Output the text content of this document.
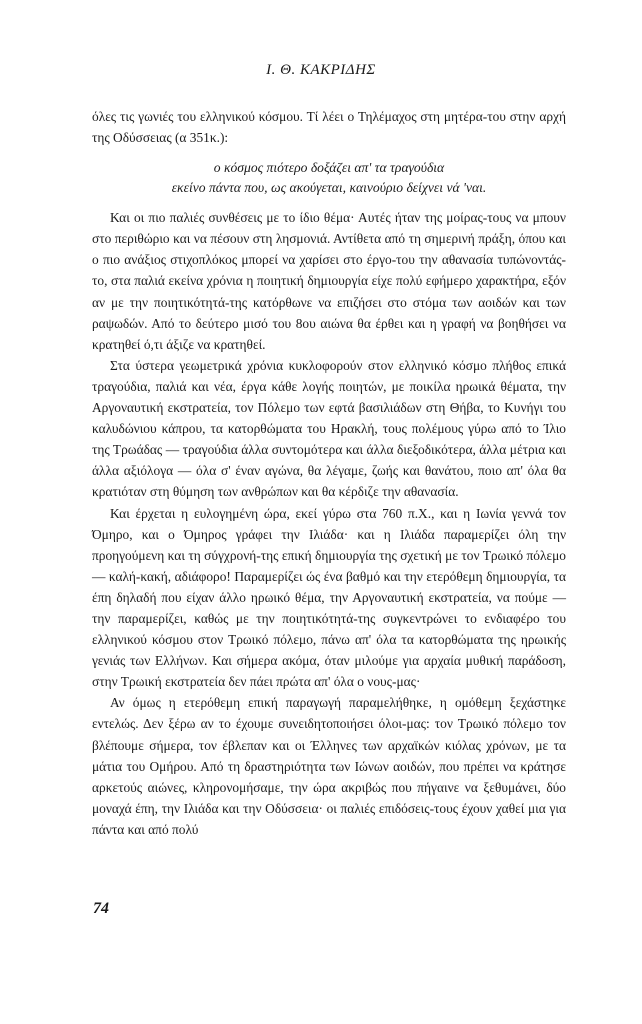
Ι. Θ. ΚΑΚΡΙΔΗΣ

όλες τις γωνιές του ελληνικού κόσμου. Τί λέει ο Τηλέμαχος στη μητέρα-του στην αρχή της Οδύσσειας (α 351κ.):

ο κόσμος πιότερο δοξάζει απ' τα τραγούδια
εκείνο πάντα που, ως ακούγεται, καινούριο δείχνει νά 'ναι.

Και οι πιο παλιές συνθέσεις με το ίδιο θέμα· Αυτές ήταν της μοίρας-τους να μπουν στο περιθώριο και να πέσουν στη λησμονιά. Αντίθετα από τη σημερινή πράξη, όπου και ο πιο ανάξιος στιχοπλόκος μπορεί να χαρίσει στο έργο-του την αθανασία τυπώνοντάς-το, στα παλιά εκείνα χρόνια η ποιητική δημιουργία είχε πολύ εφήμερο χαρακτήρα, εξόν αν με την ποιητικότητά-της κατόρθωνε να επιζήσει στο στόμα των αοιδών και των ραψωδών. Από το δεύτερο μισό του 8ου αιώνα θα έρθει και η γραφή να βοηθήσει να κρατηθεί ό,τι άξιζε να κρατηθεί.

Στα ύστερα γεωμετρικά χρόνια κυκλοφορούν στον ελληνικό κόσμο πλήθος επικά τραγούδια, παλιά και νέα, έργα κάθε λογής ποιητών, με ποικίλα ηρωικά θέματα, την Αργοναυτική εκστρατεία, τον Πόλεμο των εφτά βασιλιάδων στη Θήβα, το Κυνήγι του καλυδώνιου κάπρου, τα κατορθώματα του Ηρακλή, τους πολέμους γύρω από το Ίλιο της Τρωάδας — τραγούδια άλλα συντομότερα και άλλα διεξοδικότερα, άλλα μέτρια και άλλα αξιόλογα — όλα σ' έναν αγώνα, θα λέγαμε, ζωής και θανάτου, ποιο απ' όλα θα κρατιόταν στη θύμηση των ανθρώπων και θα κέρδιζε την αθανασία.

Και έρχεται η ευλογημένη ώρα, εκεί γύρω στα 760 π.Χ., και η Ιωνία γεννά τον Όμηρο, και ο Όμηρος γράφει την Ιλιάδα· και η Ιλιάδα παραμερίζει όλη την προηγούμενη και τη σύγχρονή-της επική δημιουργία της σχετική με τον Τρωικό πόλεμο — καλή-κακή, αδιάφορο! Παραμερίζει ώς ένα βαθμό και την ετερόθεμη δημιουργία, τα έπη δηλαδή που είχαν άλλο ηρωικό θέμα, την Αργοναυτική εκστρατεία, να πούμε — την παραμερίζει, καθώς με την ποιητικότητά-της συγκεντρώνει το ενδιαφέρο του ελληνικού κόσμου στον Τρωικό πόλεμο, πάνω απ' όλα τα κατορθώματα της ηρωικής γενιάς των Ελλήνων. Και σήμερα ακόμα, όταν μιλούμε για αρχαία μυθική παράδοση, στην Τρωική εκστρατεία δεν πάει πρώτα απ' όλα ο νους-μας·

Αν όμως η ετερόθεμη επική παραγωγή παραμελήθηκε, η ομόθεμη ξεχάστηκε εντελώς. Δεν ξέρω αν το έχουμε συνειδητοποιήσει όλοι-μας: τον Τρωικό πόλεμο τον βλέπουμε σήμερα, τον έβλεπαν και οι Έλληνες των αρχαϊκών κιόλας χρόνων, με τα μάτια του Ομήρου. Από τη δραστηριότητα των Ιώνων αοιδών, που πρέπει να κράτησε αρκετούς αιώνες, κληρονομήσαμε, την ώρα ακριβώς που πήγαινε να ξεθυμάνει, δύο μοναχά έπη, την Ιλιάδα και την Οδύσσεια· οι παλιές επιδόσεις-τους έχουν χαθεί μια για πάντα και από πολύ

74
